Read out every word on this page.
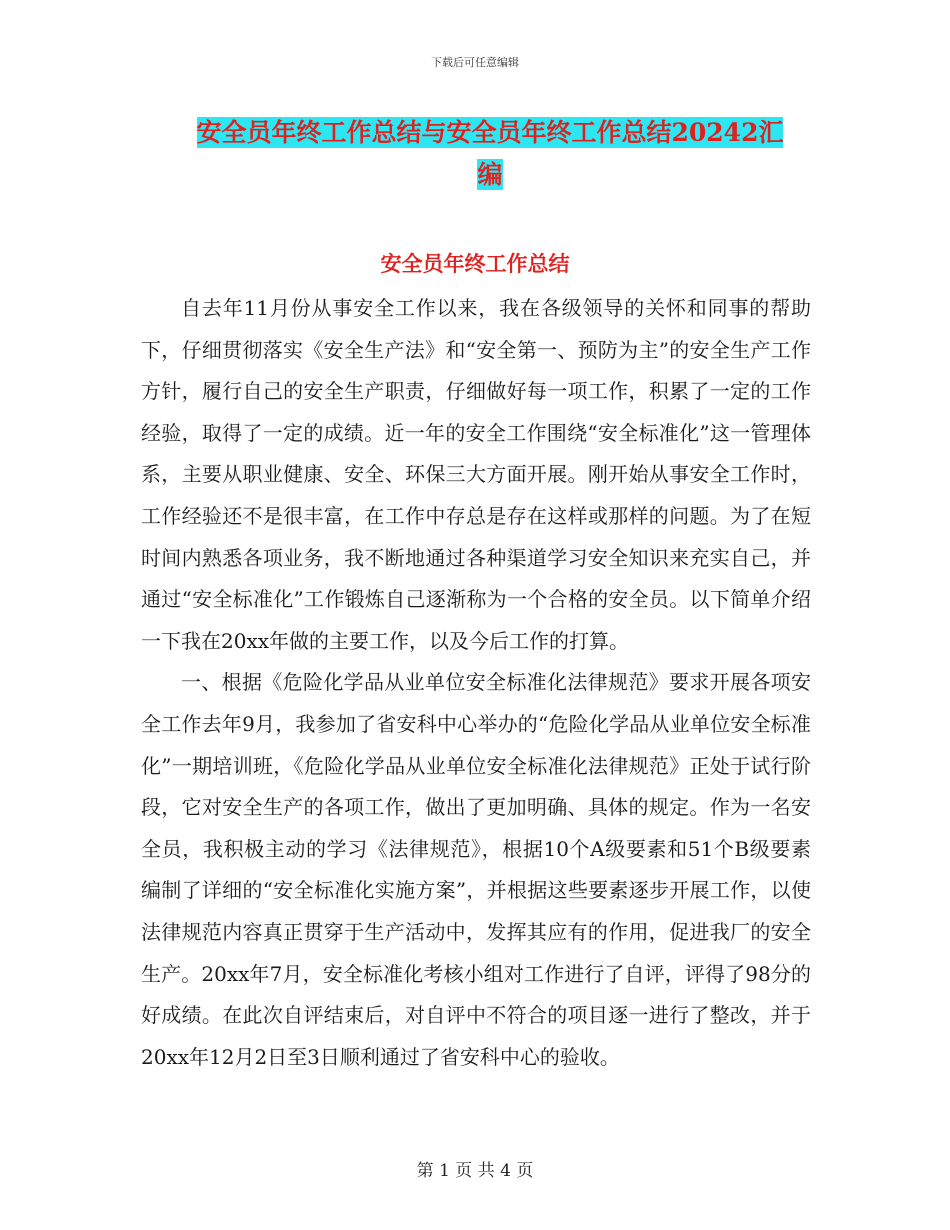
下载后可任意编辑
安全员年终工作总结与安全员年终工作总结20242汇
编
安全员年终工作总结

自去年11月份从事安全工作以来，我在各级领导的关怀和同事的帮助下，仔细贯彻落实《安全生产法》和“安全第一、预防为主”的安全生产工作方针，履行自己的安全生产职责，仔细做好每一项工作，积累了一定的工作经验，取得了一定的成绩。近一年的安全工作围绕“安全标准化”这一管理体系，主要从职业健康、安全、环保三大方面开展。刚开始从事安全工作时，工作经验还不是很丰富，在工作中存总是存在这样或那样的问题。为了在短时间内熟悉各项业务，我不断地通过各种渠道学习安全知识来充实自己，并通过“安全标准化”工作锻炼自己逐渐称为一个合格的安全员。以下简单介绍一下我在20xx年做的主要工作，以及今后工作的打算。

一、根据《危险化学品从业单位安全标准化法律规范》要求开展各项安全工作去年9月，我参加了省安科中心举办的“危险化学品从业单位安全标准化”一期培训班，《危险化学品从业单位安全标准化法律规范》正处于试行阶段，它对安全生产的各项工作，做出了更加明确、具体的规定。作为一名安全员，我积极主动的学习《法律规范》，根据10个A级要素和51个B级要素编制了详细的“安全标准化实施方案”，并根据这些要素逐步开展工作，以使法律规范内容真正贯穿于生产活动中，发挥其应有的作用，促进我厂的安全生产。20xx年7月，安全标准化考核小组对工作进行了自评，评得了98分的好成绩。在此次自评结束后，对自评中不符合的项目逐一进行了整改，并于20xx年12月2日至3日顺利通过了省安科中心的验收。

第 1 页 共 4 页
